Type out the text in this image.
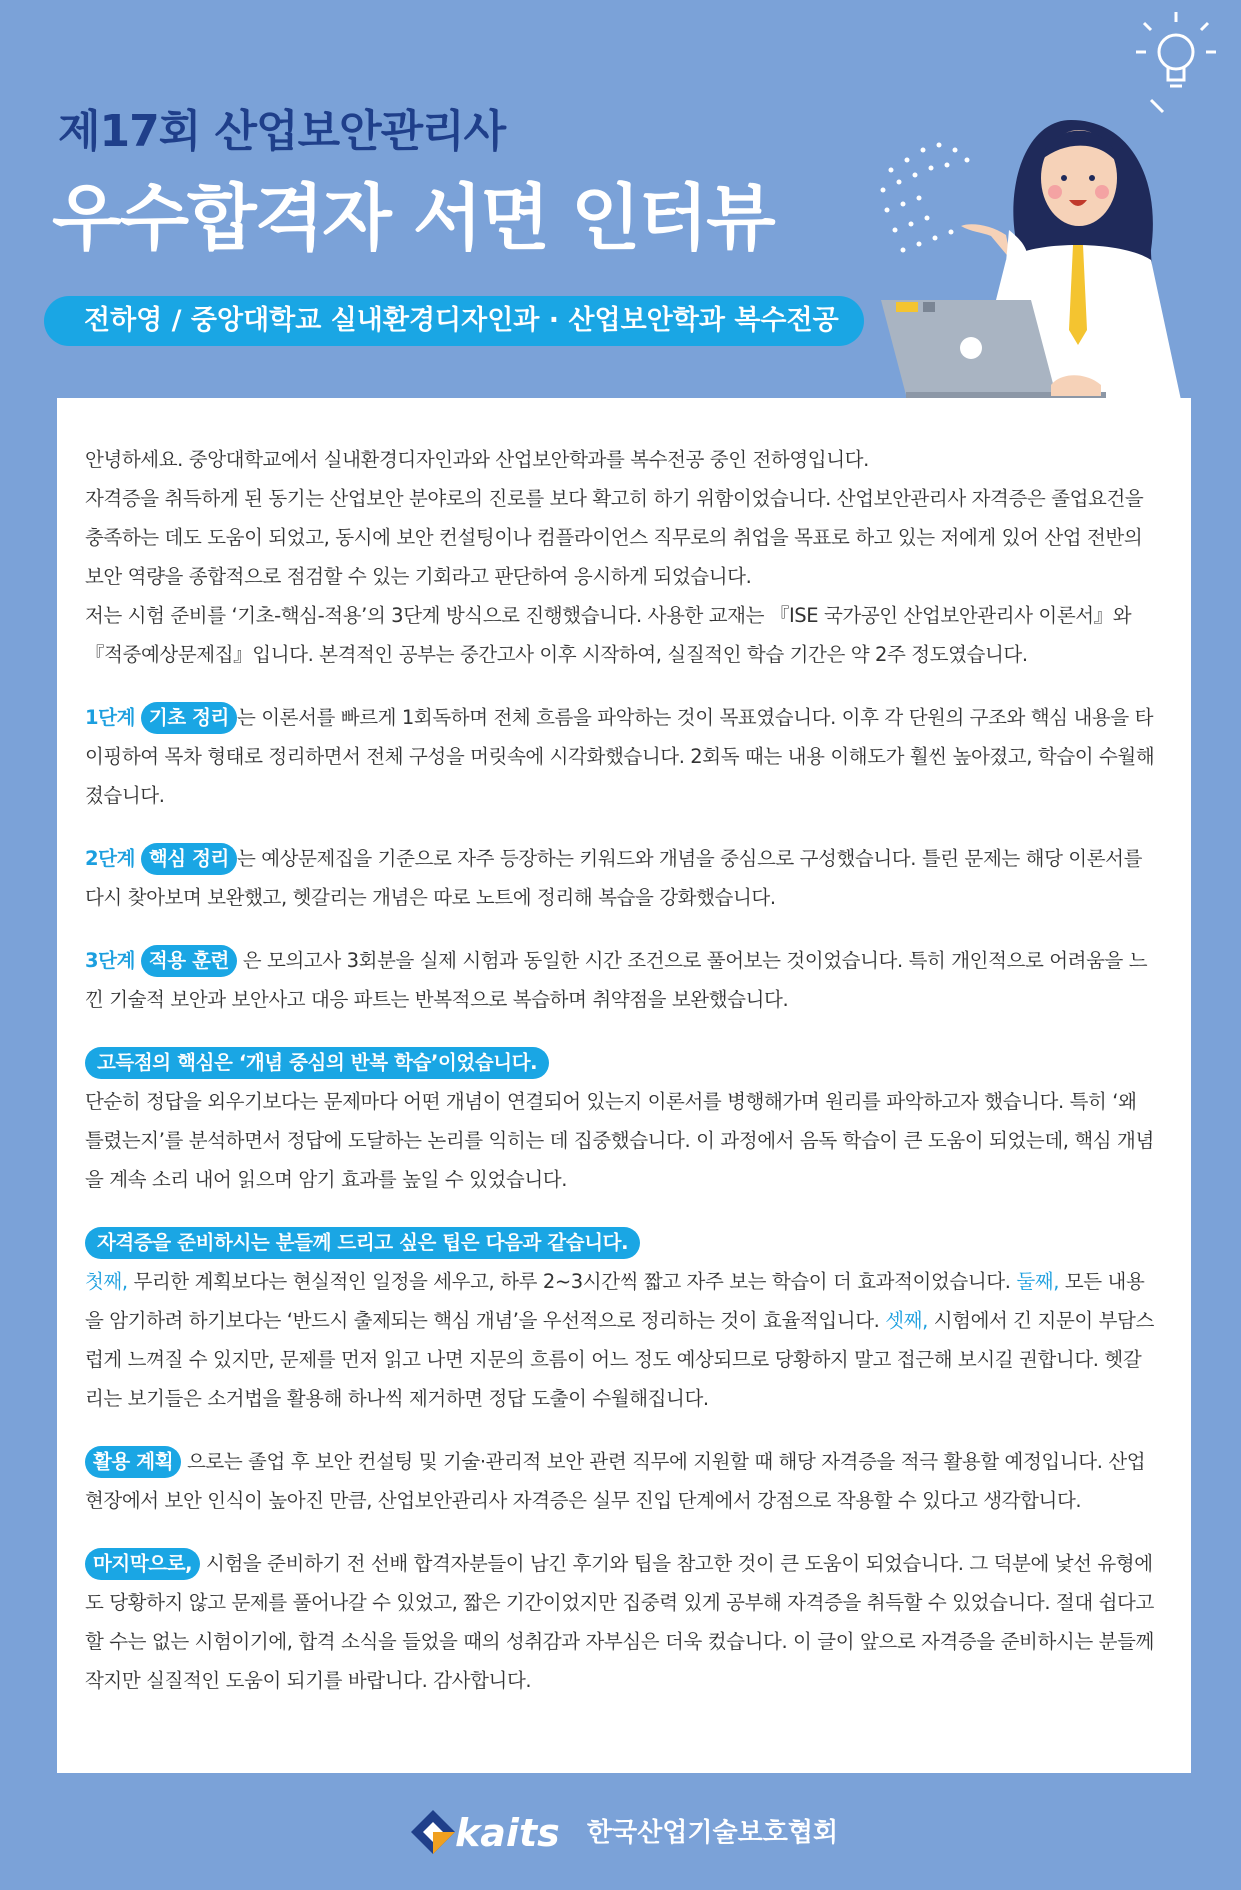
제17회 산업보안관리사
우수합격자 서면 인터뷰
전하영 / 중앙대학교 실내환경디자인과 · 산업보안학과 복수전공

안녕하세요. 중앙대학교에서 실내환경디자인과와 산업보안학과를 복수전공 중인 전하영입니다.

자격증을 취득하게 된 동기는 산업보안 분야로의 진로를 보다 확고히 하기 위함이었습니다. 산업보안관리사 자격증은 졸업요건을 충족하는 데도 도움이 되었고, 동시에 보안 컨설팅이나 컴플라이언스 직무로의 취업을 목표로 하고 있는 저에게 있어 산업 전반의 보안 역량을 종합적으로 점검할 수 있는 기회라고 판단하여 응시하게 되었습니다.

저는 시험 준비를 ‘기초-핵심-적용’의 3단계 방식으로 진행했습니다. 사용한 교재는 『ISE 국가공인 산업보안관리사 이론서』와 『적중예상문제집』입니다. 본격적인 공부는 중간고사 이후 시작하여, 실질적인 학습 기간은 약 2주 정도였습니다.

1단계 기초 정리 는 이론서를 빠르게 1회독하며 전체 흐름을 파악하는 것이 목표였습니다. 이후 각 단원의 구조와 핵심 내용을 타이핑하여 목차 형태로 정리하면서 전체 구성을 머릿속에 시각화했습니다. 2회독 때는 내용 이해도가 훨씬 높아졌고, 학습이 수월해졌습니다.

2단계 핵심 정리 는 예상문제집을 기준으로 자주 등장하는 키워드와 개념을 중심으로 구성했습니다. 틀린 문제는 해당 이론서를 다시 찾아보며 보완했고, 헷갈리는 개념은 따로 노트에 정리해 복습을 강화했습니다.

3단계 적용 훈련 은 모의고사 3회분을 실제 시험과 동일한 시간 조건으로 풀어보는 것이었습니다. 특히 개인적으로 어려움을 느낀 기술적 보안과 보안사고 대응 파트는 반복적으로 복습하며 취약점을 보완했습니다.

고득점의 핵심은 ‘개념 중심의 반복 학습’이었습니다.

단순히 정답을 외우기보다는 문제마다 어떤 개념이 연결되어 있는지 이론서를 병행해가며 원리를 파악하고자 했습니다. 특히 ‘왜 틀렸는지’를 분석하면서 정답에 도달하는 논리를 익히는 데 집중했습니다. 이 과정에서 음독 학습이 큰 도움이 되었는데, 핵심 개념을 계속 소리 내어 읽으며 암기 효과를 높일 수 있었습니다.

자격증을 준비하시는 분들께 드리고 싶은 팁은 다음과 같습니다.

첫째, 무리한 계획보다는 현실적인 일정을 세우고, 하루 2~3시간씩 짧고 자주 보는 학습이 더 효과적이었습니다. 둘째, 모든 내용을 암기하려 하기보다는 ‘반드시 출제되는 핵심 개념’을 우선적으로 정리하는 것이 효율적입니다. 셋째, 시험에서 긴 지문이 부담스럽게 느껴질 수 있지만, 문제를 먼저 읽고 나면 지문의 흐름이 어느 정도 예상되므로 당황하지 말고 접근해 보시길 권합니다. 헷갈리는 보기들은 소거법을 활용해 하나씩 제거하면 정답 도출이 수월해집니다.

활용 계획 으로는 졸업 후 보안 컨설팅 및 기술·관리적 보안 관련 직무에 지원할 때 해당 자격증을 적극 활용할 예정입니다. 산업 현장에서 보안 인식이 높아진 만큼, 산업보안관리사 자격증은 실무 진입 단계에서 강점으로 작용할 수 있다고 생각합니다.

마지막으로, 시험을 준비하기 전 선배 합격자분들이 남긴 후기와 팁을 참고한 것이 큰 도움이 되었습니다. 그 덕분에 낯선 유형에도 당황하지 않고 문제를 풀어나갈 수 있었고, 짧은 기간이었지만 집중력 있게 공부해 자격증을 취득할 수 있었습니다. 절대 쉽다고 할 수는 없는 시험이기에, 합격 소식을 들었을 때의 성취감과 자부심은 더욱 컸습니다. 이 글이 앞으로 자격증을 준비하시는 분들께 작지만 실질적인 도움이 되기를 바랍니다. 감사합니다.

kaits 한국산업기술보호협회
